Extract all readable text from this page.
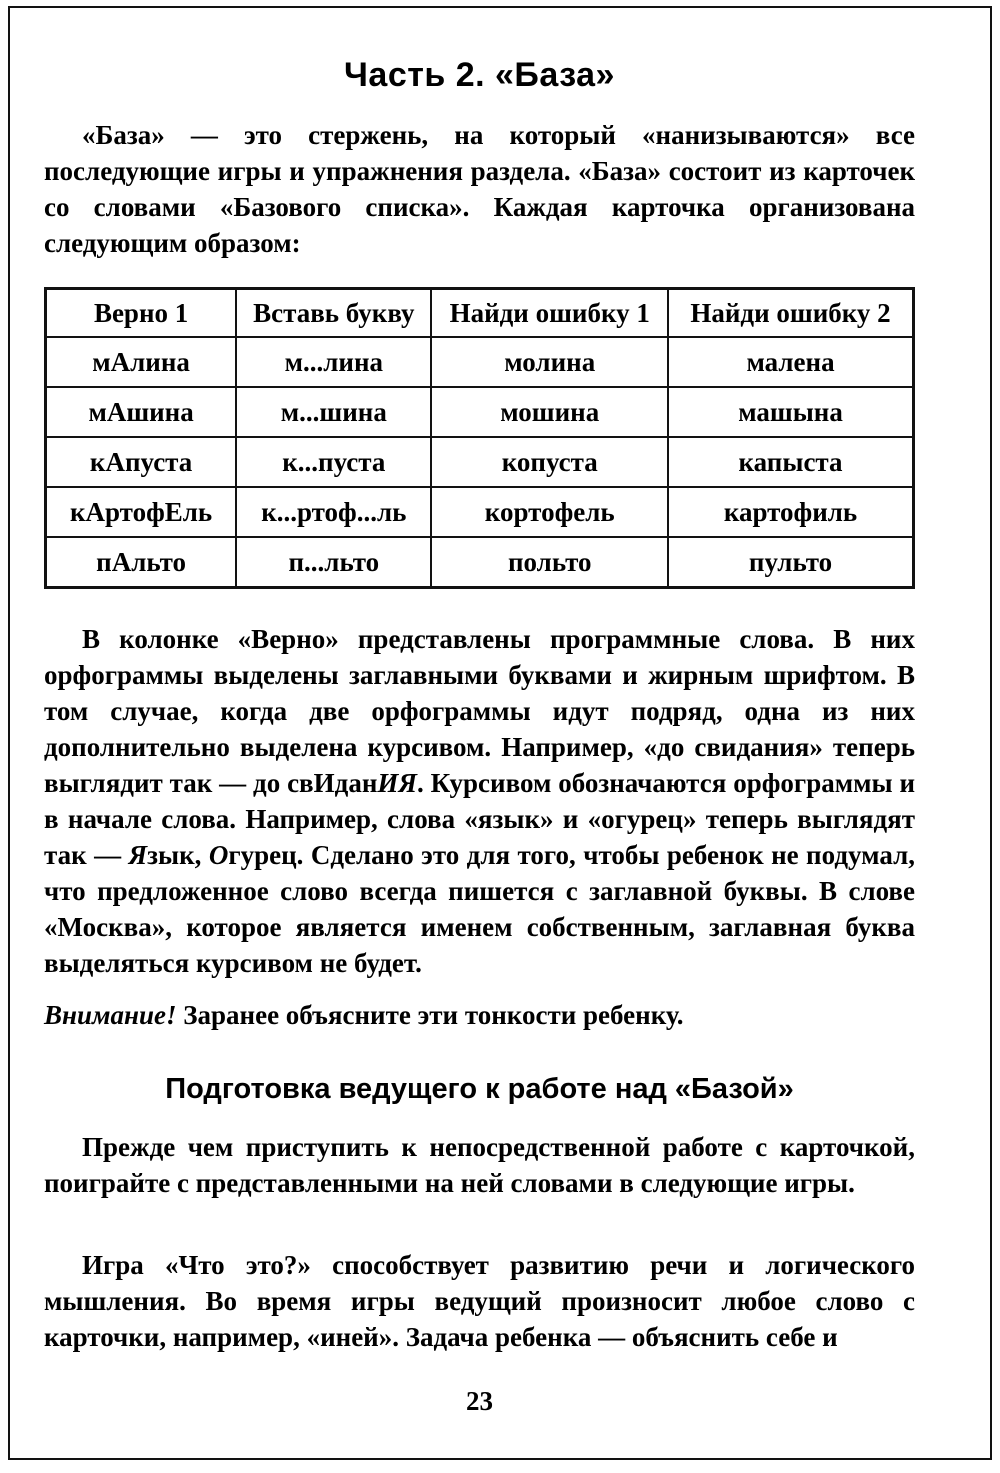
Часть 2. «База»

«База» — это стержень, на который «нанизываются» все последующие игры и упражнения раздела. «База» состоит из карточек со словами «Базового списка». Каждая карточка организована следующим образом:

Верно 1	Вставь букву	Найди ошибку 1	Найди ошибку 2
мАлина	м...лина	молина	малена
мАшина	м...шина	мошина	машына
кАпуста	к...пуста	копуста	капыста
кАртофЕль	к...ртоф...ль	кортофель	картофиль
пАльто	п...льто	польто	пульто

В колонке «Верно» представлены программные слова. В них орфограммы выделены заглавными буквами и жирным шрифтом. В том случае, когда две орфограммы идут подряд, одна из них дополнительно выделена курсивом. Например, «до свидания» теперь выглядит так — до свИданИЯ. Курсивом обозначаются орфограммы и в начале слова. Например, слова «язык» и «огурец» теперь выглядят так — Язык, Огурец. Сделано это для того, чтобы ребенок не подумал, что предложенное слово всегда пишется с заглавной буквы. В слове «Москва», которое является именем собственным, заглавная буква выделяться курсивом не будет.

Внимание! Заранее объясните эти тонкости ребенку.

Подготовка ведущего к работе над «Базой»

Прежде чем приступить к непосредственной работе с карточкой, поиграйте с представленными на ней словами в следующие игры.

Игра «Что это?» способствует развитию речи и логического мышления. Во время игры ведущий произносит любое слово с карточки, например, «иней». Задача ребенка — объяснить себе и

23
